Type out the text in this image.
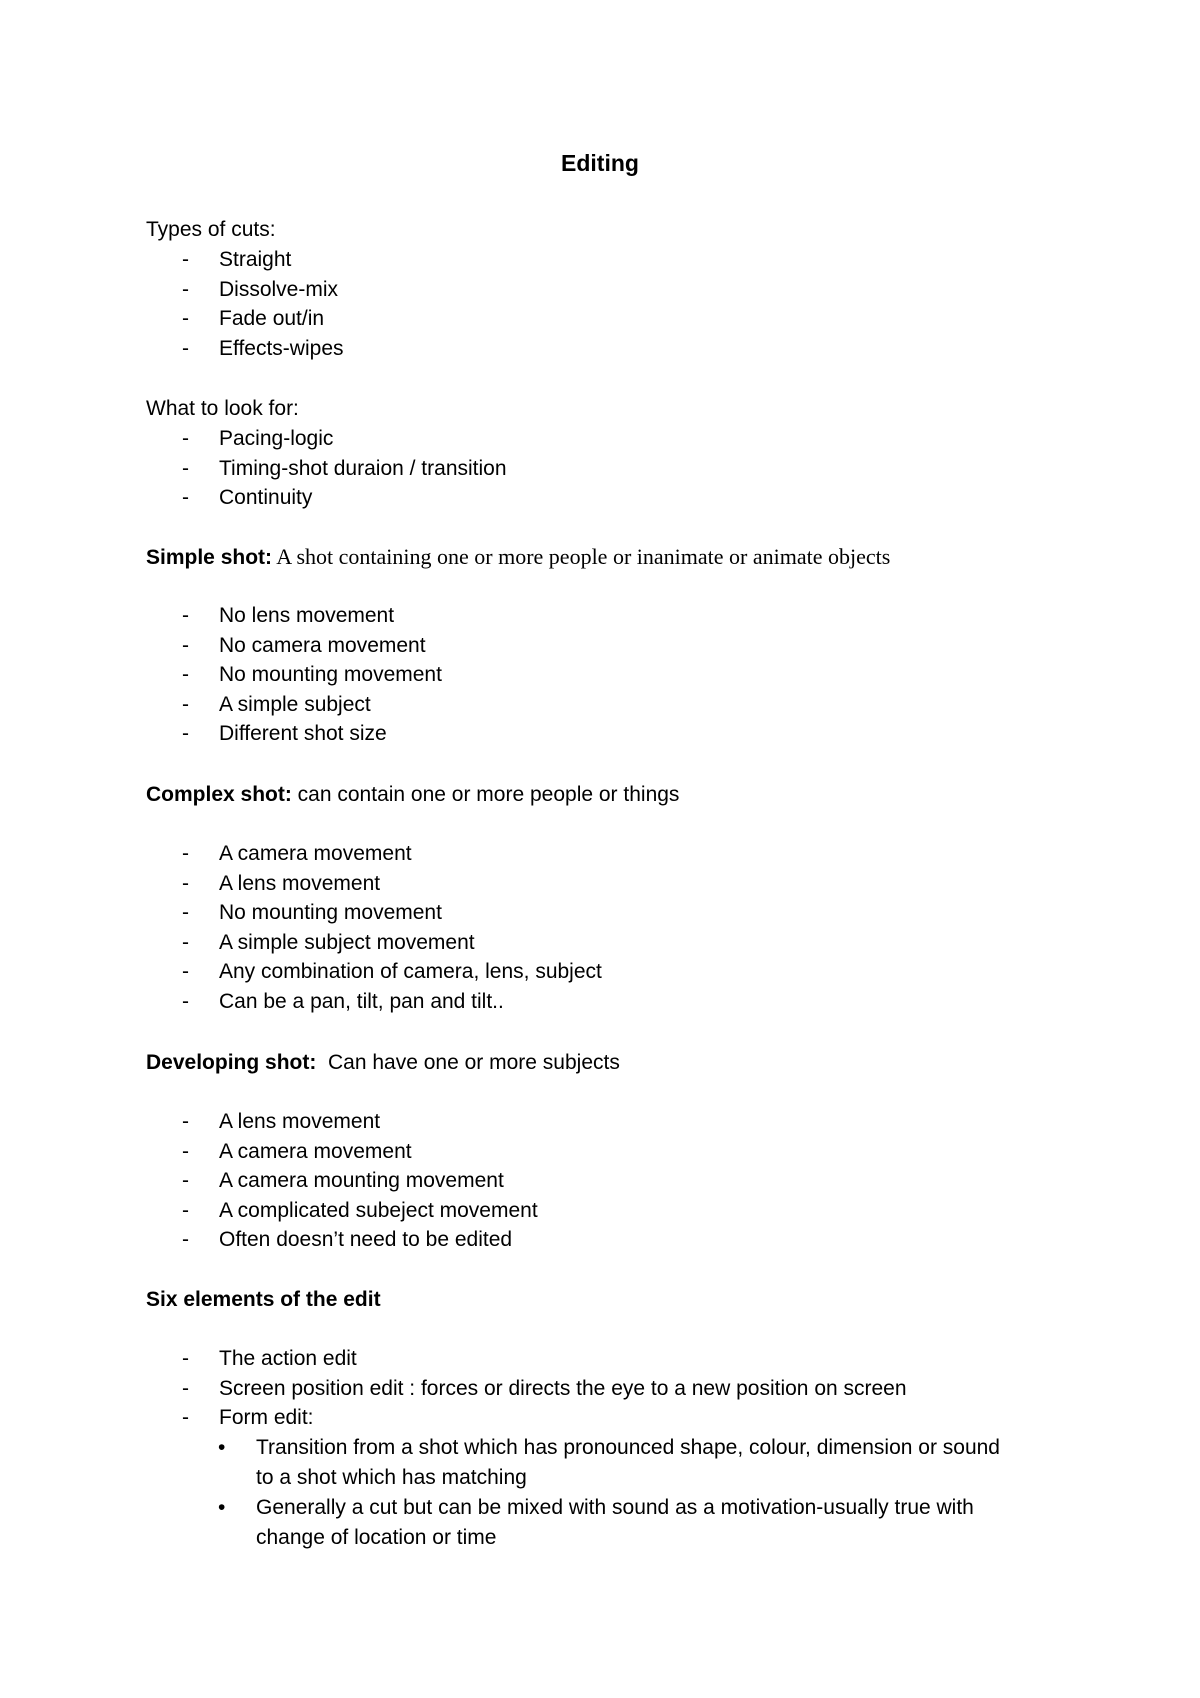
Editing
Types of cuts:
- Straight
- Dissolve-mix
- Fade out/in
- Effects-wipes
What to look for:
- Pacing-logic
- Timing-shot duraion / transition
- Continuity
Simple shot: A shot containing one or more people or inanimate or animate objects
- No lens movement
- No camera movement
- No mounting movement
- A simple subject
- Different shot size
Complex shot: can contain one or more people or things
- A camera movement
- A lens movement
- No mounting movement
- A simple subject movement
- Any combination of camera, lens, subject
- Can be a pan, tilt, pan and tilt..
Developing shot:  Can have one or more subjects
- A lens movement
- A camera movement
- A camera mounting movement
- A complicated subeject movement
- Often doesn’t need to be edited
Six elements of the edit
- The action edit
- Screen position edit : forces or directs the eye to a new position on screen
- Form edit:
• Transition from a shot which has pronounced shape, colour, dimension or sound
to a shot which has matching
• Generally a cut but can be mixed with sound as a motivation-usually true with
change of location or time
